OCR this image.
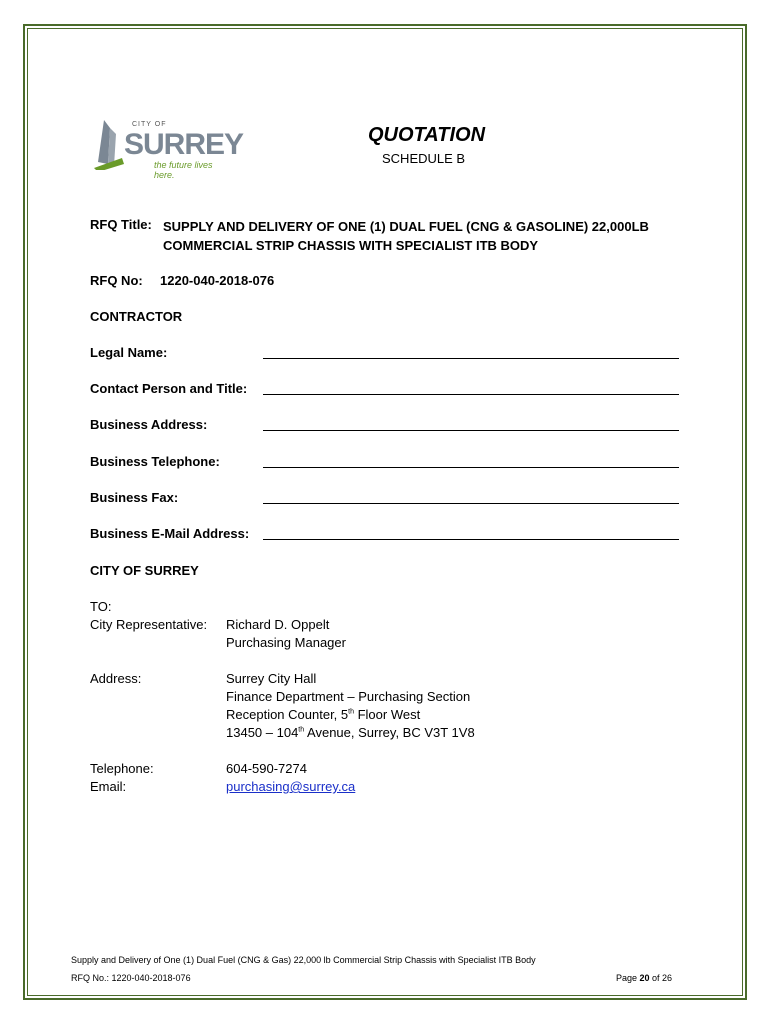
CITY OF
SURREY
the future lives here.
QUOTATION
SCHEDULE B
RFQ Title: SUPPLY AND DELIVERY OF ONE (1) DUAL FUEL (CNG & GASOLINE) 22,000LB
COMMERCIAL STRIP CHASSIS WITH SPECIALIST ITB BODY
RFQ No: 1220-040-2018-076
CONTRACTOR
Legal Name:
Contact Person and Title:
Business Address:
Business Telephone:
Business Fax:
Business E-Mail Address:
CITY OF SURREY
TO:
City Representative: Richard D. Oppelt
Purchasing Manager
Address:	Surrey City Hall
Finance Department – Purchasing Section
Reception Counter, 5th Floor West
13450 – 104th Avenue, Surrey, BC V3T 1V8
Telephone:	604-590-7274
Email:	purchasing@surrey.ca
Supply and Delivery of One (1) Dual Fuel (CNG & Gas) 22,000 lb Commercial Strip Chassis with Specialist ITB Body
RFQ No.: 1220-040-2018-076	Page 20 of 26
